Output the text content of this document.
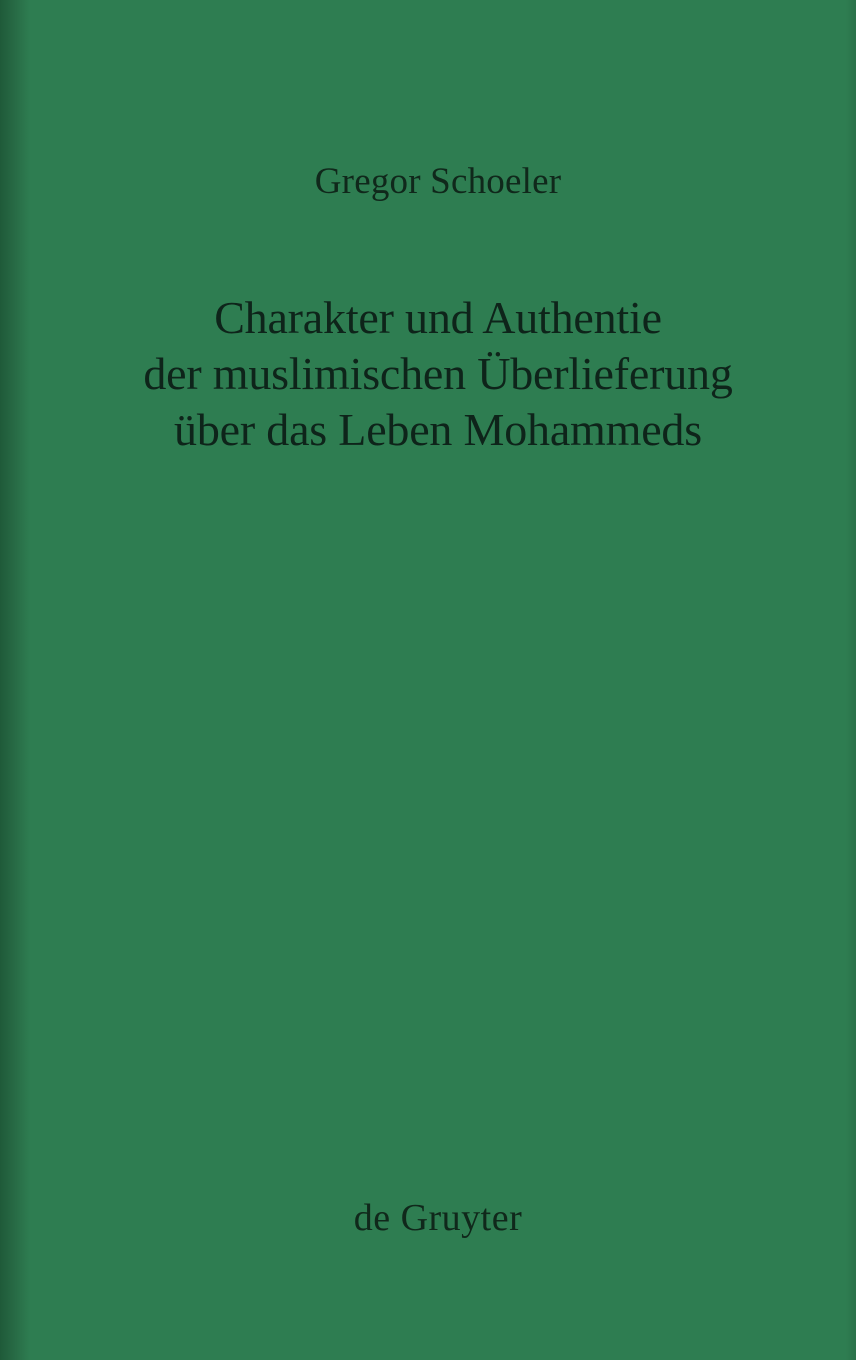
Gregor Schoeler
Charakter und Authentie
der muslimischen Überlieferung
über das Leben Mohammeds
de Gruyter
